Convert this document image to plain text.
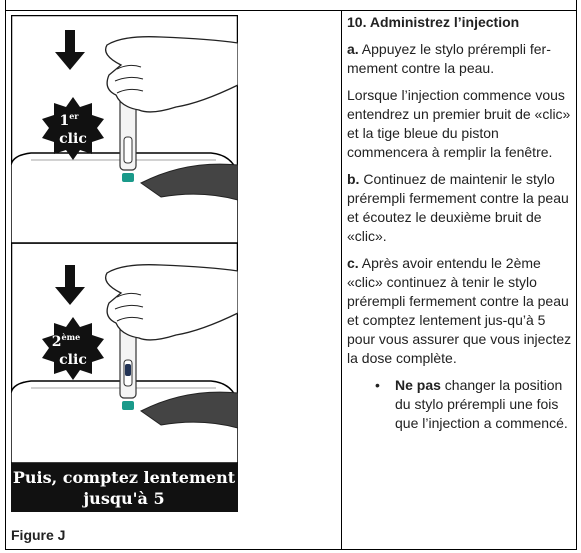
1er
clic
2ème
clic
Puis, comptez lentement
jusqu'à 5
Figure J
10. Administrez l’injection

a. Appuyez le stylo prérempli fer-mement contre la peau.

Lorsque l’injection commence vous entendrez un premier bruit de «clic» et la tige bleue du piston commencera à remplir la fenêtre.

b. Continuez de maintenir le stylo prérempli fermement contre la peau et écoutez le deuxième bruit de «clic».

c. Après avoir entendu le 2ème «clic» continuez à tenir le stylo prérempli fermement contre la peau et comptez lentement jus-qu’à 5 pour vous assurer que vous injectez la dose complète.

• Ne pas changer la position du stylo prérempli une fois que l’injection a commencé.
